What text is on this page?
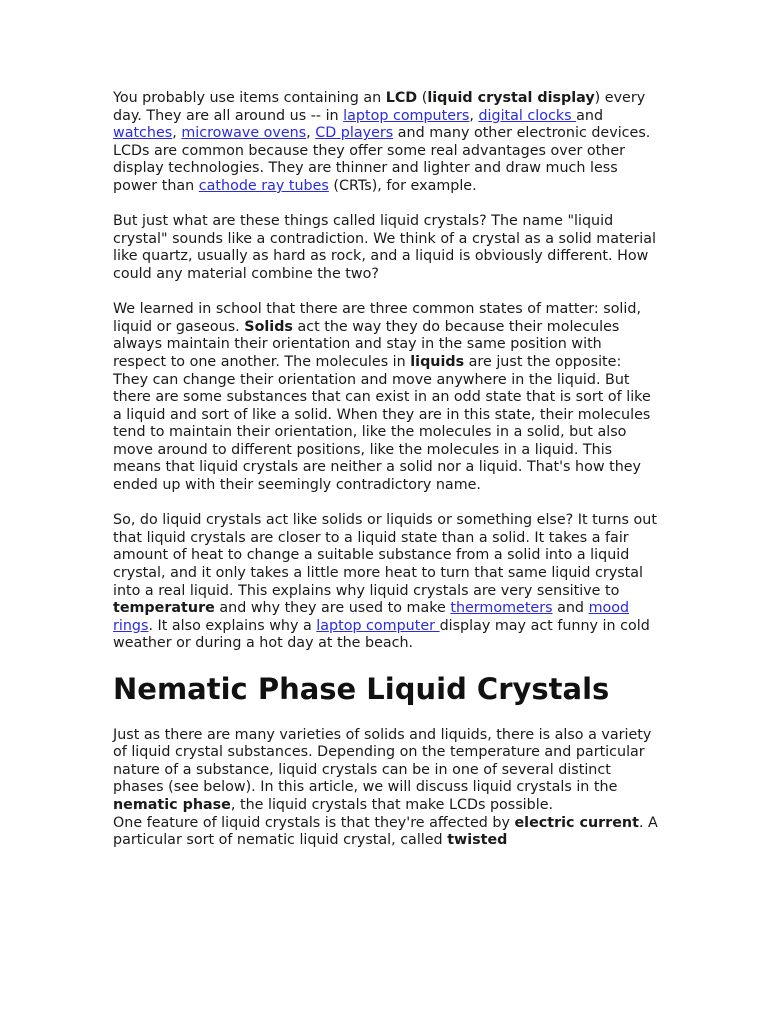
You probably use items containing an LCD (liquid crystal display) every day. They are all around us -- in laptop computers, digital clocks and watches, microwave ovens, CD players and many other electronic devices. LCDs are common because they offer some real advantages over other display technologies. They are thinner and lighter and draw much less power than cathode ray tubes (CRTs), for example.

But just what are these things called liquid crystals? The name "liquid crystal" sounds like a contradiction. We think of a crystal as a solid material like quartz, usually as hard as rock, and a liquid is obviously different. How could any material combine the two?

We learned in school that there are three common states of matter: solid, liquid or gaseous. Solids act the way they do because their molecules always maintain their orientation and stay in the same position with respect to one another. The molecules in liquids are just the opposite: They can change their orientation and move anywhere in the liquid. But there are some substances that can exist in an odd state that is sort of like a liquid and sort of like a solid. When they are in this state, their molecules tend to maintain their orientation, like the molecules in a solid, but also move around to different positions, like the molecules in a liquid. This means that liquid crystals are neither a solid nor a liquid. That's how they ended up with their seemingly contradictory name.

So, do liquid crystals act like solids or liquids or something else? It turns out that liquid crystals are closer to a liquid state than a solid. It takes a fair amount of heat to change a suitable substance from a solid into a liquid crystal, and it only takes a little more heat to turn that same liquid crystal into a real liquid. This explains why liquid crystals are very sensitive to temperature and why they are used to make thermometers and mood rings. It also explains why a laptop computer display may act funny in cold weather or during a hot day at the beach.

Nematic Phase Liquid Crystals

Just as there are many varieties of solids and liquids, there is also a variety of liquid crystal substances. Depending on the temperature and particular nature of a substance, liquid crystals can be in one of several distinct phases (see below). In this article, we will discuss liquid crystals in the nematic phase, the liquid crystals that make LCDs possible.

One feature of liquid crystals is that they're affected by electric current. A particular sort of nematic liquid crystal, called twisted
